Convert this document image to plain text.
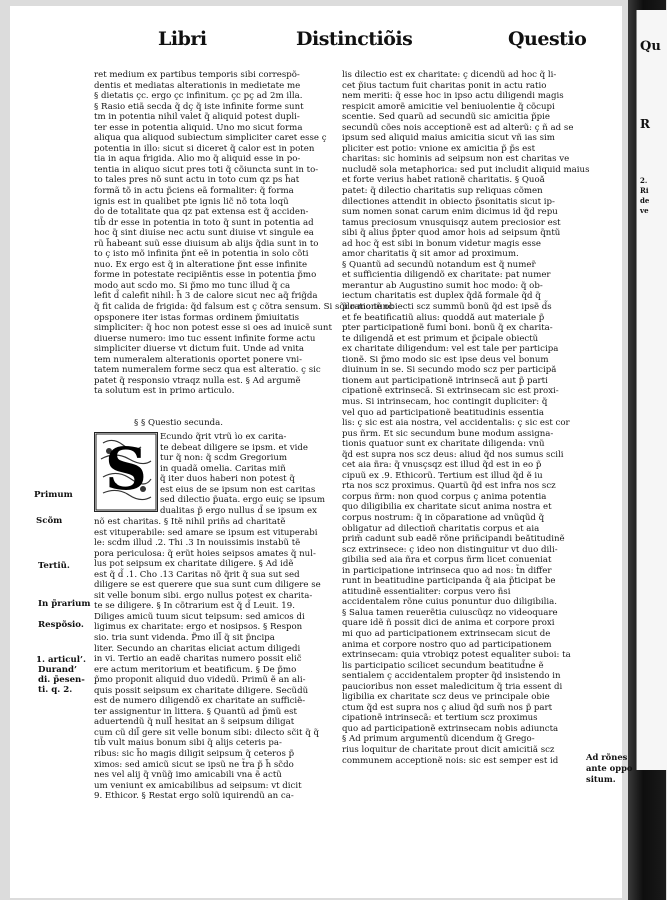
Qu
R
2.
Ri
de
ve
Libri	Distinctiõis	Questio
ret medium ex partibus temporis sibi correspõ-
dentis et mediatas alterationis in medietate me
§ dietatis çc. ergo çc infinitum. çc pç ad 2m illa.
§ Rasio etiã secda q̃ dç q̃ iste infinite forme sunt
tm in potentia nihil valet q̃ aliquid potest dupli-
ter esse in potentia aliquid. Uno mo sicut forma
aliqua qua aliquod subiectum simpliciter caret esse ç
potentia in illo: sicut si diceret q̃ calor est in poten
tia in aqua frigida. Alio mo q̃ aliquid esse in po-
tentia in aliquo sicut pres toti q̃ cõiuncta sunt in to-
to tales pres nõ sunt actu in toto cum qz ps h̃at
formã tõ in actu p̃ciens eã formaliter: q̃ forma
ignis est in qualibet pte ignis lic̃ nõ tota loqũ
do de totalitate qua qz pat extensa est q̃ acciden-
tib̃ dr esse in potentia in toto q̃ sunt in potentia ad
hoc q̃ sint diuise nec actu sunt diuise vt singule ea
rũ h̃abeant suũ esse diuisum ab alijs q̃dia sunt in to
to ç isto mõ infinita p̃nt eẽ in potentia in solo cõti
nuo. Ex ergo est q̃ in alteratione p̃nt esse infinite
forme in potestate recipiẽntis esse in potentia p̃mo
modo aut scdo mo. Si p̃mo mo tunc illud q̃ ca
lefit d̃ calefit nihil: h̃ 3 de calore sicut nec aq̃ frig̃da
q̃ fit calida de frigida: q̃d falsum est ç cõtra sensum. Si sc̃do mo tunc
opsponere iter istas formas ordinem p̃miuitatis
simpliciter: q̃ hoc non potest esse si oes ad inuicẽ sunt
diuerse numero: imo tuc essent infinite forme actu
simpliciter diuerse vt dictum fuit. Unde ad vnita
tem numeralem alterationis oportet ponere vni-
tatem numeralem forme secz qua est alteratio. ç sic
patet q̃ responsio vtraqz nulla est. § Ad argumẽ
ta solutum est in primo articulo.
§ § Questio secunda.
S Ecundo q̃rit vtrũ ìo ex carita-
te debeat diligere se ipsm. et vide
tur q̃ non: q̃ scdm Gregorium
in quadã omelia. Caritas miñ
q̃ iter duos haberi non potest q̃
est eius de se ipsum non est caritas
sed dilectio p̃uata. ergo euiç se ipsum
dualitas p̃ ergo nullus d̃ se ipsum ex
nõ est charitas. § Itẽ nihil priñs ad charitatẽ
est vituperabile: sed amare se ipsum est vituperabi
le: scdm illud .2. Thi .3 In nouissimis instabũ tẽ
pora periculosa: q̃ erũt hoies seipsos amates q̃ nul-
lus pot seipsum ex charitate diligere. § Ad idẽ
est q̃ d̃ .1. Cho .13 Caritas nõ q̃rit q̃ sua sut sed
diligere se est querere que sua sunt cum diligere se
sit velle bonum sibi. ergo nullus potest ex charita-
te se diligere. § In cõtrarium est q̃ d̃ Leuit. 19.
Diliges amicũ tuum sicut teipsum: sed amicos di
ligimus ex charitate: ergo et nosipsos. § Respon
sio. tria sunt videnda. P̃mo ill̃ q̃ sit p̃ncipa
liter. Secundo an charitas eliciat actum diligedi
in vi. Tertio an eadẽ charitas numero possit elic̃
ere actum meritorium et beatificum. § De p̃mo
p̃mo proponit aliquid duo videdũ. Primũ ẽ an ali-
quis possit seipsum ex charitate diligere. Secũdũ
est de numero diligendõ ex charitate an sufficiẽ-
ter assignentur in littera. § Quantũ ad p̃mũ est
aduertendũ q̃ null̃ hesitat an s̃ seipsum diligat
cum cũ dil̃ gere sit velle bonum sibi: dilecto sc̃it q̃ q̃
tib̃ vult maius bonum sibi q̃ alijs ceteris pa-
ribus: sic h̃o magis diligit seipsum q̃ ceteros p̃
ximos: sed amicũ sicut se ipsũ ne t̃ra p̃ h̃ sc̃do
nes vel alij q̃ vnũg̃ imo amicabili vna ẽ actũ
um veniunt ex amicabilibus ad seipsum: vt dicit
9. Ethicor. § Restat ergo solũ iquirendũ an ca-
lis dilectio est ex charitate: ç dicendũ ad hoc q̃ li-
cet p̃ius tactum fuit charitas ponit in actu ratio
nem meriti: q̃ esse hoc in ipso actu diligendi magis
respicit amorẽ amicitie vel beniuolentie q̃ cõcupi
scentie. Sed quarũ ad secundũ sic amicitia p̃pie
secundũ cões nois acceptionẽ est ad alterũ: ç ñ ad se
ipsum sed aliquid maius amicitia sicut vñ ias sim
pliciter est potio: vnione ex amicitia p̃ p̃s est
charitas: sic hominis ad seipsum non est charitas ve
nucludẽ sola metaphorica: sed put includit aliquid maius
et forte verius habet rationẽ charitatis. § Quoă
patet: q̃ dilectio charitatis sup reliquas cõmen
dilectiones attendit in obiecto p̃sonitatis sicut ip-
sum nomen sonat carum enim dicimus id q̃d repu
tamus preciosum vnusquisqz autem preciosior est
sibi q̃ alius p̃pter quod amor hois ad seipsum q̃ntũ
ad hoc q̃ est sibi in bonum videtur magis esse
amor charitatis q̃ sit amor ad proximum.
§ Quantũ ad secundũ notandum est q̃ numer̃
et sufficientia diligendõ ex charitate: pat numer
merantur ab Augustino sumit hoc modo: q̃ ob-
iectum charitatis est duplex q̃dă formale q̃d q̃
p̃ rationẽ obiecti scz summũ bonũ q̃d est ipsẽ d̃s
et fe beatificatiũ alius: quoddă aut materiale p̃
pter participationẽ fumi boni. bonũ q̃ ex charita-
te diligendă et est primum et p̃cipale obiectũ
ex charitate diligendum: vel est tale per participa
tionẽ. Si p̃mo modo sic est ipse deus vel bonum
diuinum in se. Si secundo modo scz per participă
tionem aut participationẽ intrinsecã aut p̃ parti
cipationẽ extrinsecã. Si extrinsecam sic est proxi-
mus. Si intrinsecam, hoc contingit dupliciter: q̃
vel quo ad participationẽ beatitudinis essentia
lis: ç sic est aia nostra, vel accidentalis: ç sic est cor
pus ñrm. Et sic secundum bune modum assigna-
tionis quatuor sunt ex charitate diligenda: vnũ
q̃d est supra nos scz deus: aliud q̃d nos sumus scili
cet aia ñra: q̃ vnusçsqz est illud q̃d est in eo p̃
cipuũ ex .9. Ethicorũ. Tertium est illud q̃d ẽ iu
rta nos scz proximus. Quartũ q̃d est infra nos scz
corpus ñrm: non quod corpus ç anima potentia
quo diligibilia ex charitate sicut anima nostra et
corpus nostrum: q̃ in cõparatione ad vnũqũd q̃
obligatur ad dilectioñ charitatis corpus et aia
prim̃ cadunt sub eadẽ rõne priñcipandi beătitudinẽ
scz extrinsece: ç ideo non distinguitur vt duo dili-
gibilia sed aia ñra et corpus ñrm licet conueniat
in participatione intrinseca quo ad nos: t̃n differ
runt in beatitudine participanda q̃ aia p̃ticipat be
atitudinẽ essentialiter: corpus vero ñsi
accidentalem rõne cuius ponuntur duo diligibilia.
§ Salua tamen reuerẽtia cuiuscũqz no videoquare
quare idẽ ñ possit dici de anima et corpore proxi
mi quo ad participationem extrinsecam sicut de
anima et corpore nostro quo ad participationem
extrinsecam: quia vtrobiqz potest equaliter suboi: ta
lis participatio scilicet secundum beatitud̃ne ẽ
sentialem ç accidentalem propter q̃d insistendo in
paucioribus non esset maledicitum q̃ tria essent di
ligibilia ex charitate scz deus ve principale obie
ctum q̃d est supra nos ç aliud q̃d sum̃ nos p̃ part
cipationẽ intrinsecã: et tertium scz proximus
quo ad participationẽ extrinsecam nobis adiuncta
§ Ad primum argumentũ dicendum q̃ Grego-
rius loquitur de charitate prout dicit amicitiã scz
communem acceptionẽ nois: sic est semper est id
Primum
Scõm
Tertiũ.
In p̃rarium
Respõsio.
1. articul’.
Durand’
di. p̃esen-
ti. q. 2.
Ad rõnes
ante oppo
situm.
